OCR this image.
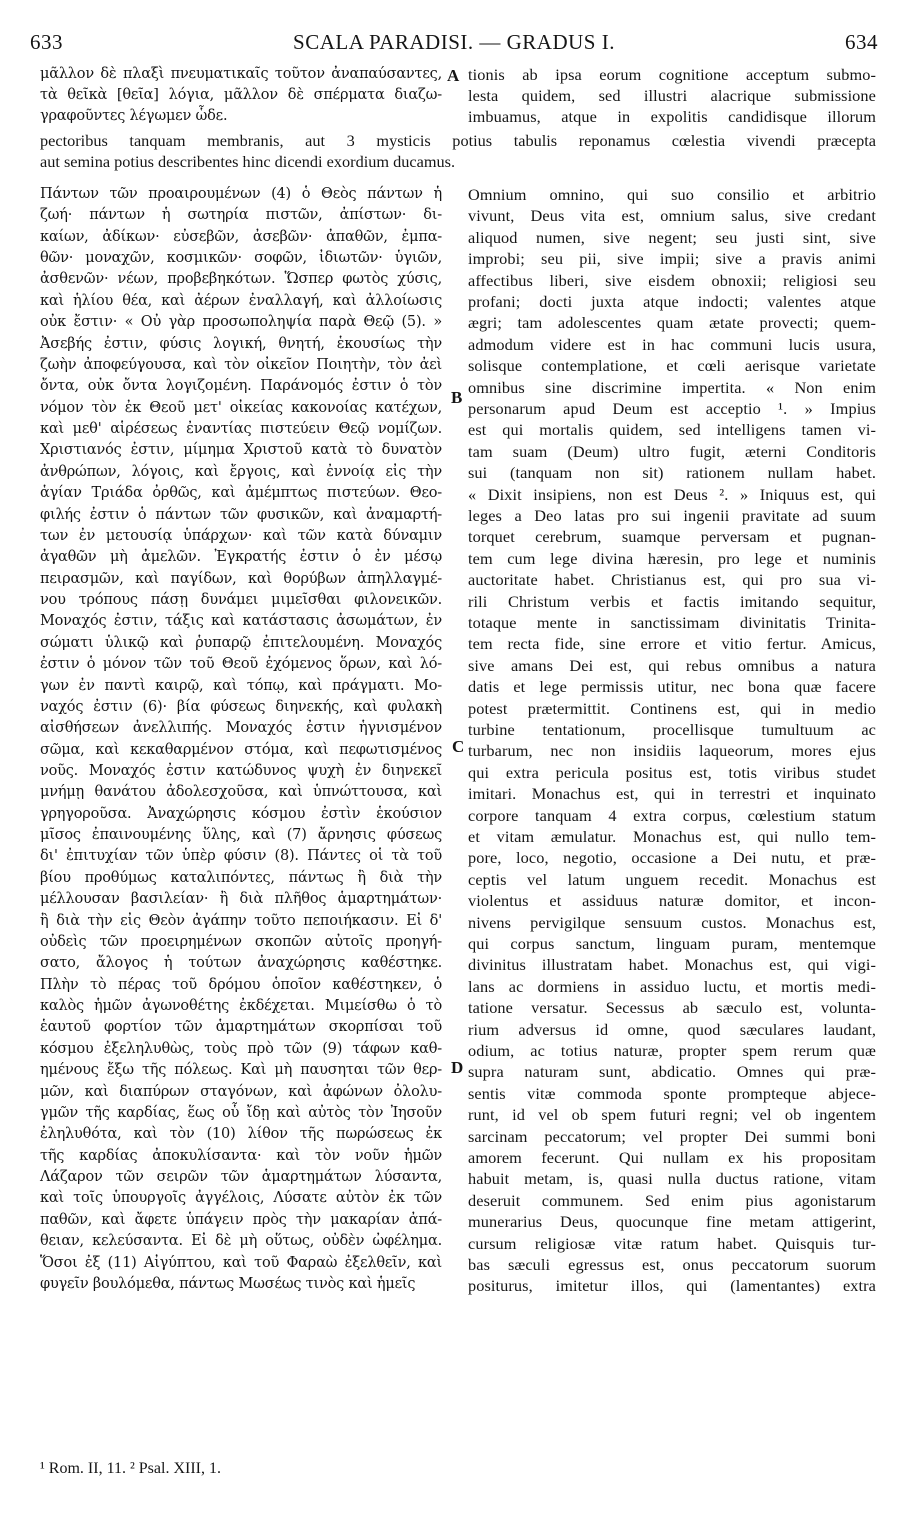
633	SCALA PARADISI. — GRADUS I.	634
A
B
C
D
μᾶλλον δὲ πλαξὶ πνευματικαῖς τοῦτον ἀναπαύσαντες,
τὰ θεῖκὰ [θεῖα] λόγια, μᾶλλον δὲ σπέρματα διαζω-
γραφοῦντες λέγωμεν ὧδε.
tionis ab ipsa eorum cognitione acceptum submo-
lesta quidem, sed illustri alacrique submissione
imbuamus, atque in expolitis candidisque illorum
pectoribus tanquam membranis, aut 3 mysticis potius tabulis reponamus cœlestia vivendi præcepta
aut semina potius describentes hinc dicendi exordium ducamus.
Πάντων τῶν προαιρουμένων (4) ὁ Θεὸς πάντων ἡ
ζωή· πάντων ἡ σωτηρία πιστῶν, ἀπίστων· δι-
καίων, ἀδίκων· εὐσεβῶν, ἀσεβῶν· ἀπαθῶν, ἐμπα-
θῶν· μοναχῶν, κοσμικῶν· σοφῶν, ἰδιωτῶν· ὑγιῶν,
ἀσθενῶν· νέων, προβεβηκότων. Ὥσπερ φωτὸς χύσις,
καὶ ἡλίου θέα, καὶ ἀέρων ἐναλλαγή, καὶ ἀλλοίωσις
οὐκ ἔστιν· « Οὐ γὰρ προσωποληψία παρὰ Θεῷ (5). »
Ἀσεβής ἐστιν, φύσις λογική, θνητή, ἑκουσίως τὴν
ζωὴν ἀποφεύγουσα, καὶ τὸν οἰκεῖον Ποιητὴν, τὸν ἀεὶ
ὄντα, οὐκ ὄντα λογιζομένη. Παράνομός ἐστιν ὁ τὸν
νόμον τὸν ἐκ Θεοῦ μετ' οἰκείας κακονοίας κατέχων,
καὶ μεθ' αἱρέσεως ἐναντίας πιστεύειν Θεῷ νομίζων.
Χριστιανός ἐστιν, μίμημα Χριστοῦ κατὰ τὸ δυνατὸν
ἀνθρώπων, λόγοις, καὶ ἔργοις, καὶ ἐννοίᾳ εἰς τὴν
ἁγίαν Τριάδα ὀρθῶς, καὶ ἀμέμπτως πιστεύων. Θεο-
φιλής ἐστιν ὁ πάντων τῶν φυσικῶν, καὶ ἀναμαρτή-
των ἐν μετουσίᾳ ὑπάρχων· καὶ τῶν κατὰ δύναμιν
ἀγαθῶν μὴ ἀμελῶν. Ἐγκρατής ἐστιν ὁ ἐν μέσῳ
πειρασμῶν, καὶ παγίδων, καὶ θορύβων ἀπηλλαγμέ-
νου τρόπους πάσῃ δυνάμει μιμεῖσθαι φιλονεικῶν.
Μοναχός ἐστιν, τάξις καὶ κατάστασις ἀσωμάτων, ἐν
σώματι ὑλικῷ καὶ ῥυπαρῷ ἐπιτελουμένη. Μοναχός
ἐστιν ὁ μόνον τῶν τοῦ Θεοῦ ἐχόμενος ὅρων, καὶ λό-
γων ἐν παντὶ καιρῷ, καὶ τόπῳ, καὶ πράγματι. Μο-
ναχός ἐστιν (6)· βία φύσεως διηνεκής, καὶ φυλακὴ
αἰσθήσεων ἀνελλιπής. Μοναχός ἐστιν ἡγνισμένον
σῶμα, καὶ κεκαθαρμένον στόμα, καὶ πεφωτισμένος
νοῦς. Μοναχός ἐστιν κατώδυνος ψυχὴ ἐν διηνεκεῖ
μνήμῃ θανάτου ἀδολεσχοῦσα, καὶ ὑπνώττουσα, καὶ
γρηγοροῦσα. Ἀναχώρησις κόσμου ἐστὶν ἑκούσιον
μῖσος ἐπαινουμένης ὕλης, καὶ (7) ἄρνησις φύσεως
δι' ἐπιτυχίαν τῶν ὑπὲρ φύσιν (8). Πάντες οἱ τὰ τοῦ
βίου προθύμως καταλιπόντες, πάντως ἢ διὰ τὴν
μέλλουσαν βασιλείαν· ἢ διὰ πλῆθος ἁμαρτημάτων·
ἢ διὰ τὴν εἰς Θεὸν ἀγάπην τοῦτο πεποιήκασιν. Εἰ δ'
οὐδεὶς τῶν προειρημένων σκοπῶν αὐτοῖς προηγή-
σατο, ἄλογος ἡ τούτων ἀναχώρησις καθέστηκε.
Πλὴν τὸ πέρας τοῦ δρόμου ὁποῖον καθέστηκεν, ὁ
καλὸς ἡμῶν ἀγωνοθέτης ἐκδέχεται. Μιμείσθω ὁ τὸ
ἑαυτοῦ φορτίον τῶν ἁμαρτημάτων σκορπίσαι τοῦ
κόσμου ἐξεληλυθὼς, τοὺς πρὸ τῶν (9) τάφων καθ-
ημένους ἔξω τῆς πόλεως. Καὶ μὴ παυσηται τῶν θερ-
μῶν, καὶ διαπύρων σταγόνων, καὶ ἀφώνων ὀλολυ-
γμῶν τῆς καρδίας, ἕως οὗ ἴδῃ καὶ αὐτὸς τὸν Ἰησοῦν
ἐληλυθότα, καὶ τὸν (10) λίθον τῆς πωρώσεως ἐκ
τῆς καρδίας ἀποκυλίσαντα· καὶ τὸν νοῦν ἡμῶν
Λάζαρον τῶν σειρῶν τῶν ἁμαρτημάτων λύσαντα,
καὶ τοῖς ὑπουργοῖς ἀγγέλοις, Λύσατε αὐτὸν ἐκ τῶν
παθῶν, καὶ ἄφετε ὑπάγειν πρὸς τὴν μακαρίαν ἀπά-
θειαν, κελεύσαντα. Εἰ δὲ μὴ οὕτως, οὐδὲν ὠφέλημα.
Ὅσοι ἐξ (11) Αἰγύπτου, καὶ τοῦ Φαραὼ ἐξελθεῖν, καὶ
φυγεῖν βουλόμεθα, πάντως Μωσέως τινὸς καὶ ἡμεῖς
Omnium omnino, qui suo consilio et arbitrio
vivunt, Deus vita est, omnium salus, sive credant
aliquod numen, sive negent; seu justi sint, sive
improbi; seu pii, sive impii; sive a pravis animi
affectibus liberi, sive eisdem obnoxii; religiosi seu
profani; docti juxta atque indocti; valentes atque
ægri; tam adolescentes quam ætate provecti; quem-
admodum videre est in hac communi lucis usura,
solisque contemplatione, et cœli aerisque varietate
omnibus sine discrimine impertita. « Non enim
personarum apud Deum est acceptio ¹. » Impius
est qui mortalis quidem, sed intelligens tamen vi-
tam suam (Deum) ultro fugit, æterni Conditoris
sui (tanquam non sit) rationem nullam habet.
« Dixit insipiens, non est Deus ². » Iniquus est, qui
leges a Deo latas pro sui ingenii pravitate ad suum
torquet cerebrum, suamque perversam et pugnan-
tem cum lege divina hæresin, pro lege et numinis
auctoritate habet. Christianus est, qui pro sua vi-
rili Christum verbis et factis imitando sequitur,
totaque mente in sanctissimam divinitatis Trinita-
tem recta fide, sine errore et vitio fertur. Amicus,
sive amans Dei est, qui rebus omnibus a natura
datis et lege permissis utitur, nec bona quæ facere
potest prætermittit. Continens est, qui in medio
turbine tentationum, procellisque tumultuum ac
turbarum, nec non insidiis laqueorum, mores ejus
qui extra pericula positus est, totis viribus studet
imitari. Monachus est, qui in terrestri et inquinato
corpore tanquam 4 extra corpus, cœlestium statum
et vitam æmulatur. Monachus est, qui nullo tem-
pore, loco, negotio, occasione a Dei nutu, et præ-
ceptis vel latum unguem recedit. Monachus est
violentus et assiduus naturæ domitor, et incon-
nivens pervigilque sensuum custos. Monachus est,
qui corpus sanctum, linguam puram, mentemque
divinitus illustratam habet. Monachus est, qui vigi-
lans ac dormiens in assiduo luctu, et mortis medi-
tatione versatur. Secessus ab sæculo est, volunta-
rium adversus id omne, quod sæculares laudant,
odium, ac totius naturæ, propter spem rerum quæ
supra naturam sunt, abdicatio. Omnes qui præ-
sentis vitæ commoda sponte prompteque abjece-
runt, id vel ob spem futuri regni; vel ob ingentem
sarcinam peccatorum; vel propter Dei summi boni
amorem fecerunt. Qui nullam ex his propositam
habuit metam, is, quasi nulla ductus ratione, vitam
deseruit communem. Sed enim pius agonistarum
munerarius Deus, quocunque fine metam attigerint,
cursum religiosæ vitæ ratum habet. Quisquis tur-
bas sæculi egressus est, onus peccatorum suorum
positurus, imitetur illos, qui (lamentantes) extra
¹ Rom. II, 11. ² Psal. XIII, 1.
